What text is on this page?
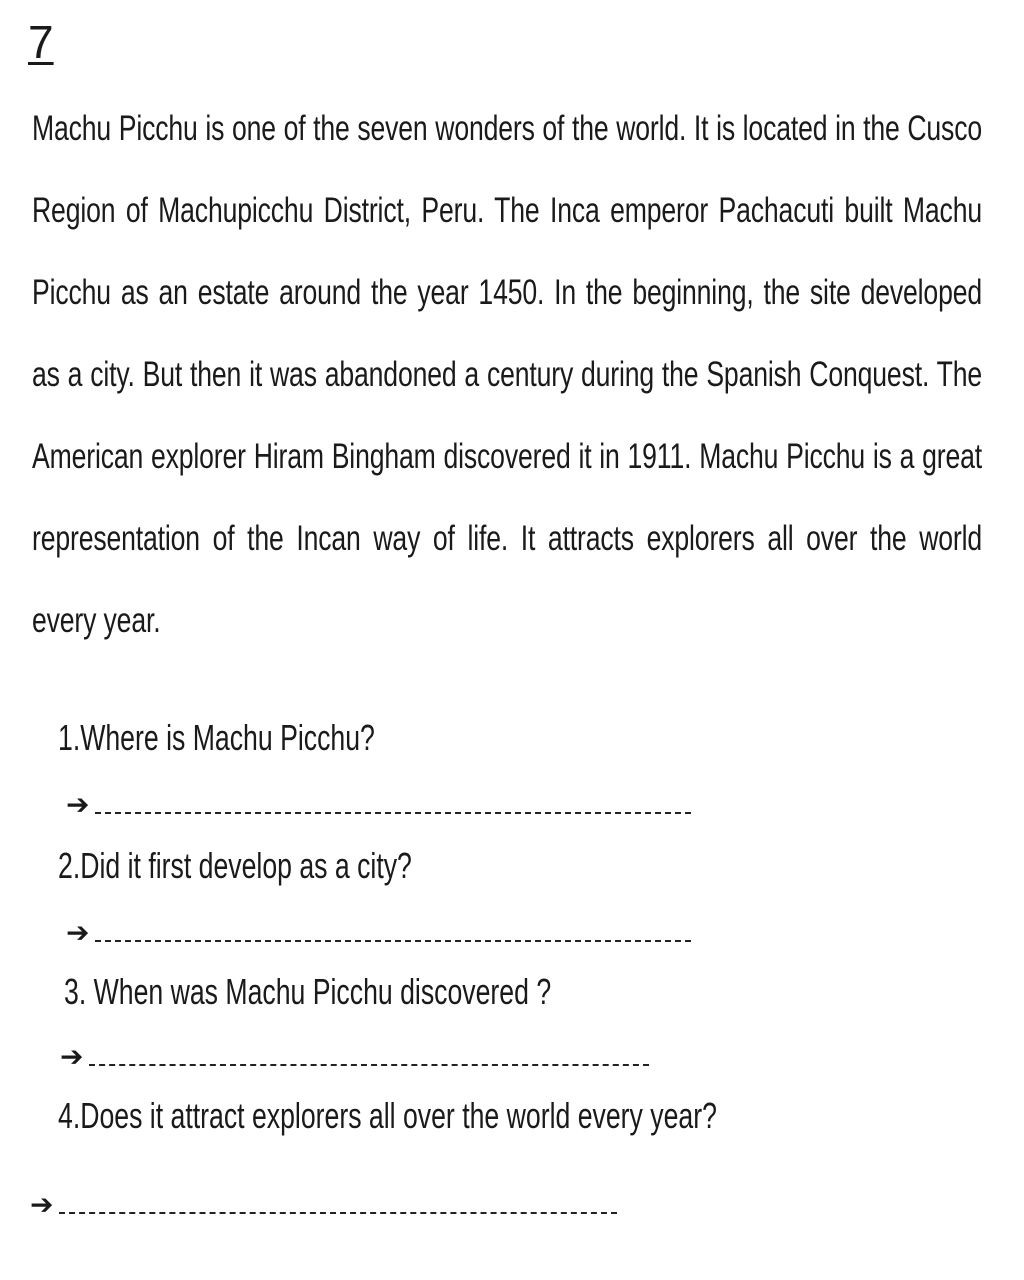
7

Machu Picchu is one of the seven wonders of the world. It is located in the Cusco Region of Machupicchu District, Peru. The Inca emperor Pachacuti built Machu Picchu as an estate around the year 1450. In the beginning, the site developed as a city. But then it was abandoned a century during the Spanish Conquest. The American explorer Hiram Bingham discovered it in 1911. Machu Picchu is a great representation of the Incan way of life. It attracts explorers all over the world every year.

1.Where is Machu Picchu?
➔
2.Did it first develop as a city?
➔
3. When was Machu Picchu discovered ?
➔
4.Does it attract explorers all over the world every year?
➔
